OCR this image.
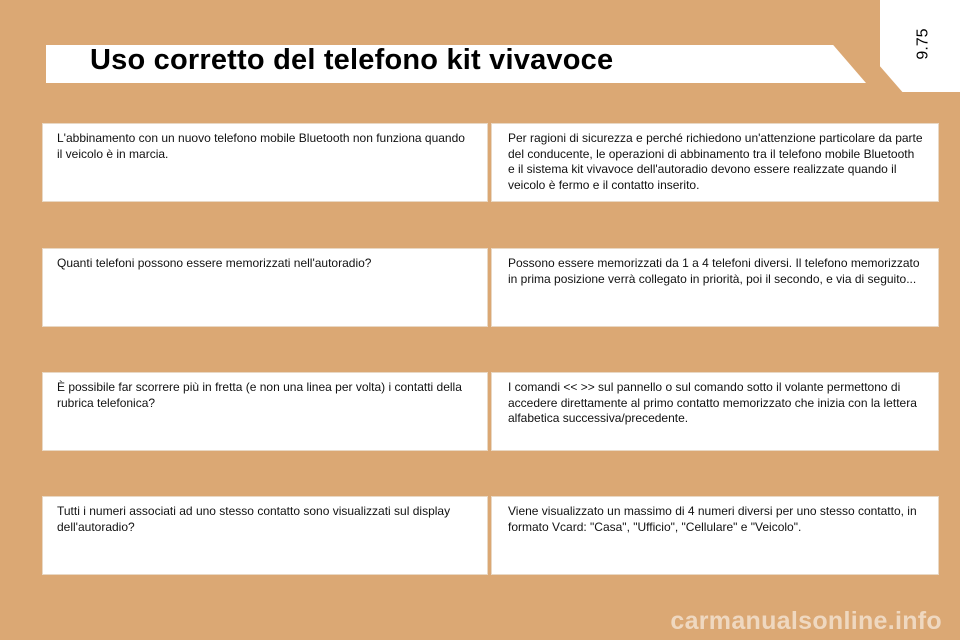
Uso corretto del telefono kit vivavoce	9.75
L'abbinamento con un nuovo telefono mobile Bluetooth non funziona quando il veicolo è in marcia.
Per ragioni di sicurezza e perché richiedono un'attenzione particolare da parte del conducente, le operazioni di abbinamento tra il telefono mobile Bluetooth e il sistema kit vivavoce dell'autoradio devono essere realizzate quando il veicolo è fermo e il contatto inserito.
Quanti telefoni possono essere memorizzati nell'autoradio?	Possono essere memorizzati da 1 a 4 telefoni diversi. Il telefono memorizzato in prima posizione verrà collegato in priorità, poi il secondo, e via di seguito...
È possibile far scorrere più in fretta (e non una linea per volta) i contatti della rubrica telefonica?
I comandi << >> sul pannello o sul comando sotto il volante permettono di accedere direttamente al primo contatto memorizzato che inizia con la lettera alfabetica successiva/precedente.
Tutti i numeri associati ad uno stesso contatto sono visualizzati sul display dell'autoradio?
Viene visualizzato un massimo di 4 numeri diversi per uno stesso contatto, in formato Vcard: "Casa", "Ufficio", "Cellulare" e "Veicolo".
carmanualsonline.info
